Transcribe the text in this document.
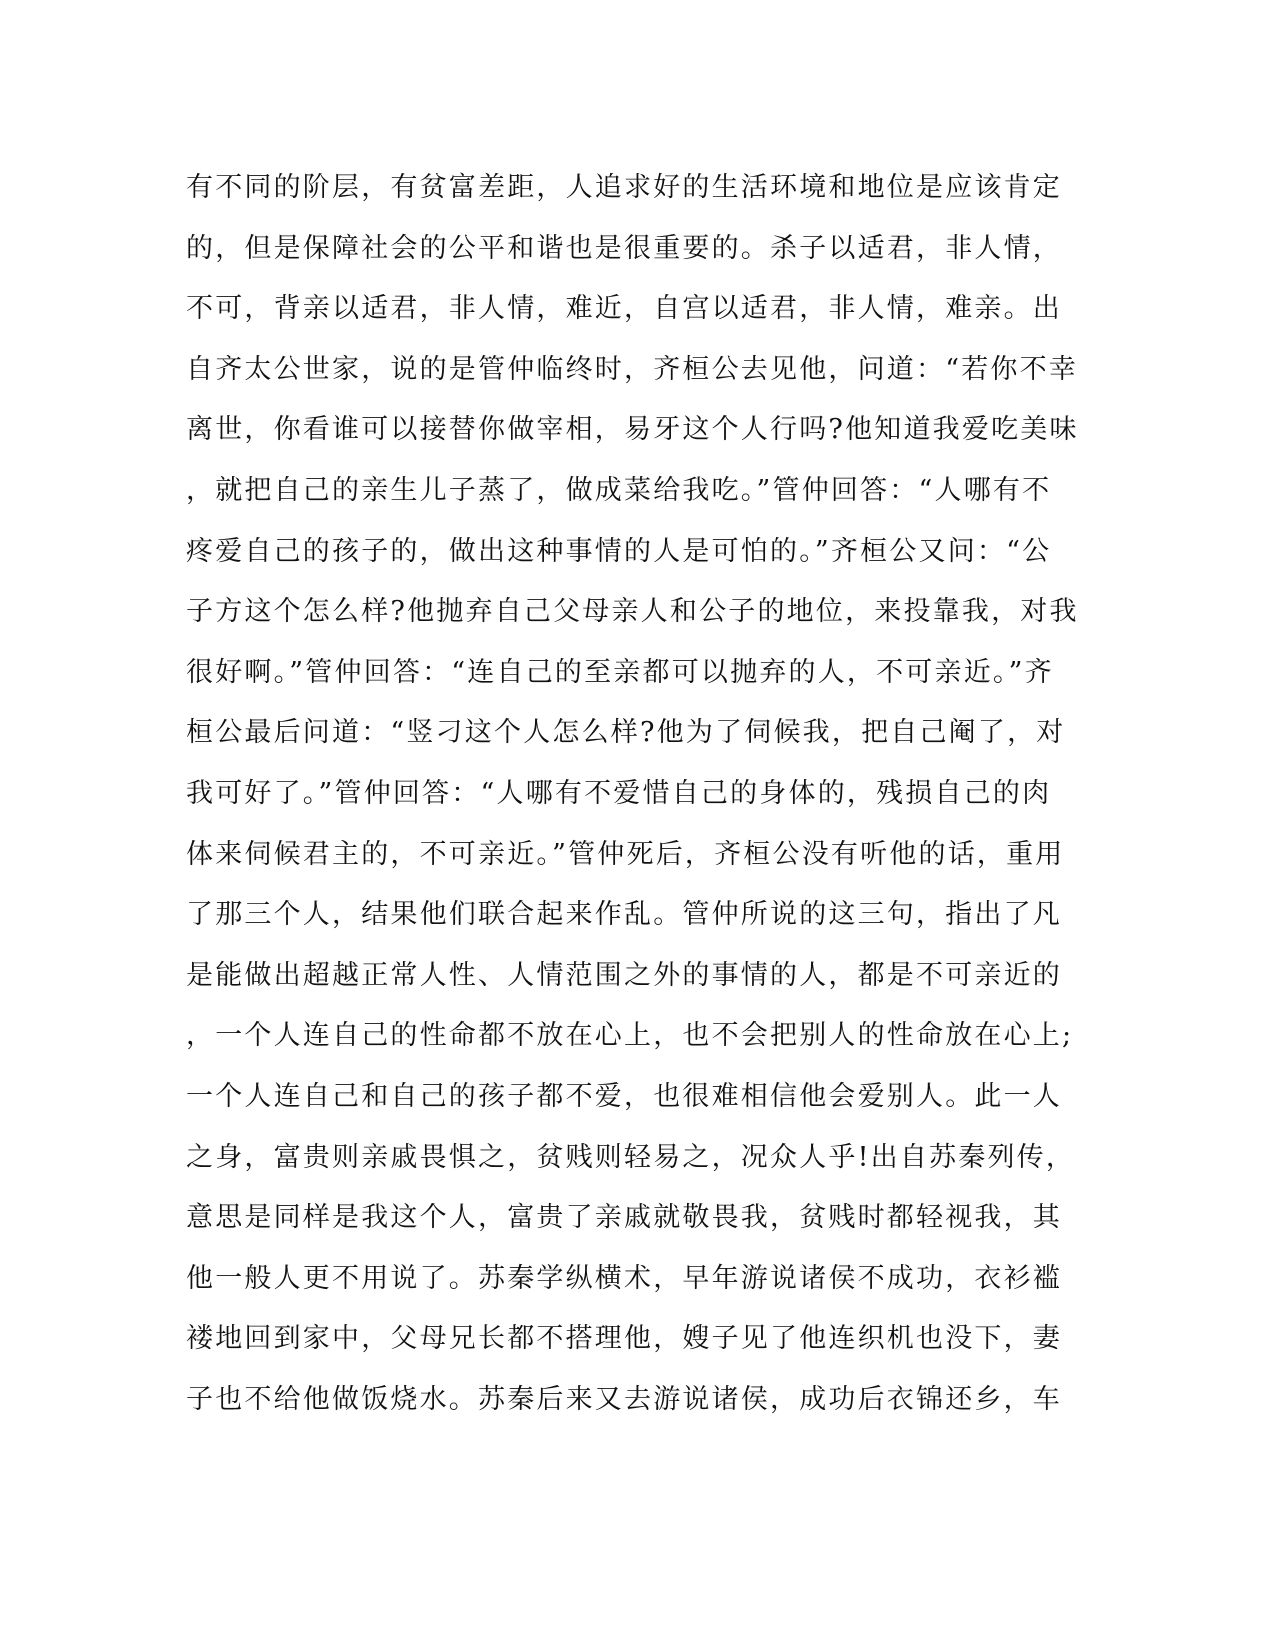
有不同的阶层，有贫富差距，人追求好的生活环境和地位是应该肯定
的，但是保障社会的公平和谐也是很重要的。杀子以适君，非人情，
不可，背亲以适君，非人情，难近，自宫以适君，非人情，难亲。出
自齐太公世家，说的是管仲临终时，齐桓公去见他，问道：“若你不幸
离世，你看谁可以接替你做宰相，易牙这个人行吗?他知道我爱吃美味
，就把自己的亲生儿子蒸了，做成菜给我吃。”管仲回答：“人哪有不
疼爱自己的孩子的，做出这种事情的人是可怕的。”齐桓公又问：“公
子方这个怎么样?他抛弃自己父母亲人和公子的地位，来投靠我，对我
很好啊。”管仲回答：“连自己的至亲都可以抛弃的人，不可亲近。”齐
桓公最后问道：“竖刁这个人怎么样?他为了伺候我，把自己阉了，对
我可好了。”管仲回答：“人哪有不爱惜自己的身体的，残损自己的肉
体来伺候君主的，不可亲近。”管仲死后，齐桓公没有听他的话，重用
了那三个人，结果他们联合起来作乱。管仲所说的这三句，指出了凡
是能做出超越正常人性、人情范围之外的事情的人，都是不可亲近的
，一个人连自己的性命都不放在心上，也不会把别人的性命放在心上;
一个人连自己和自己的孩子都不爱，也很难相信他会爱别人。此一人
之身，富贵则亲戚畏惧之，贫贱则轻易之，况众人乎!出自苏秦列传，
意思是同样是我这个人，富贵了亲戚就敬畏我，贫贱时都轻视我，其
他一般人更不用说了。苏秦学纵横术，早年游说诸侯不成功，衣衫褴
褛地回到家中，父母兄长都不搭理他，嫂子见了他连织机也没下，妻
子也不给他做饭烧水。苏秦后来又去游说诸侯，成功后衣锦还乡，车
